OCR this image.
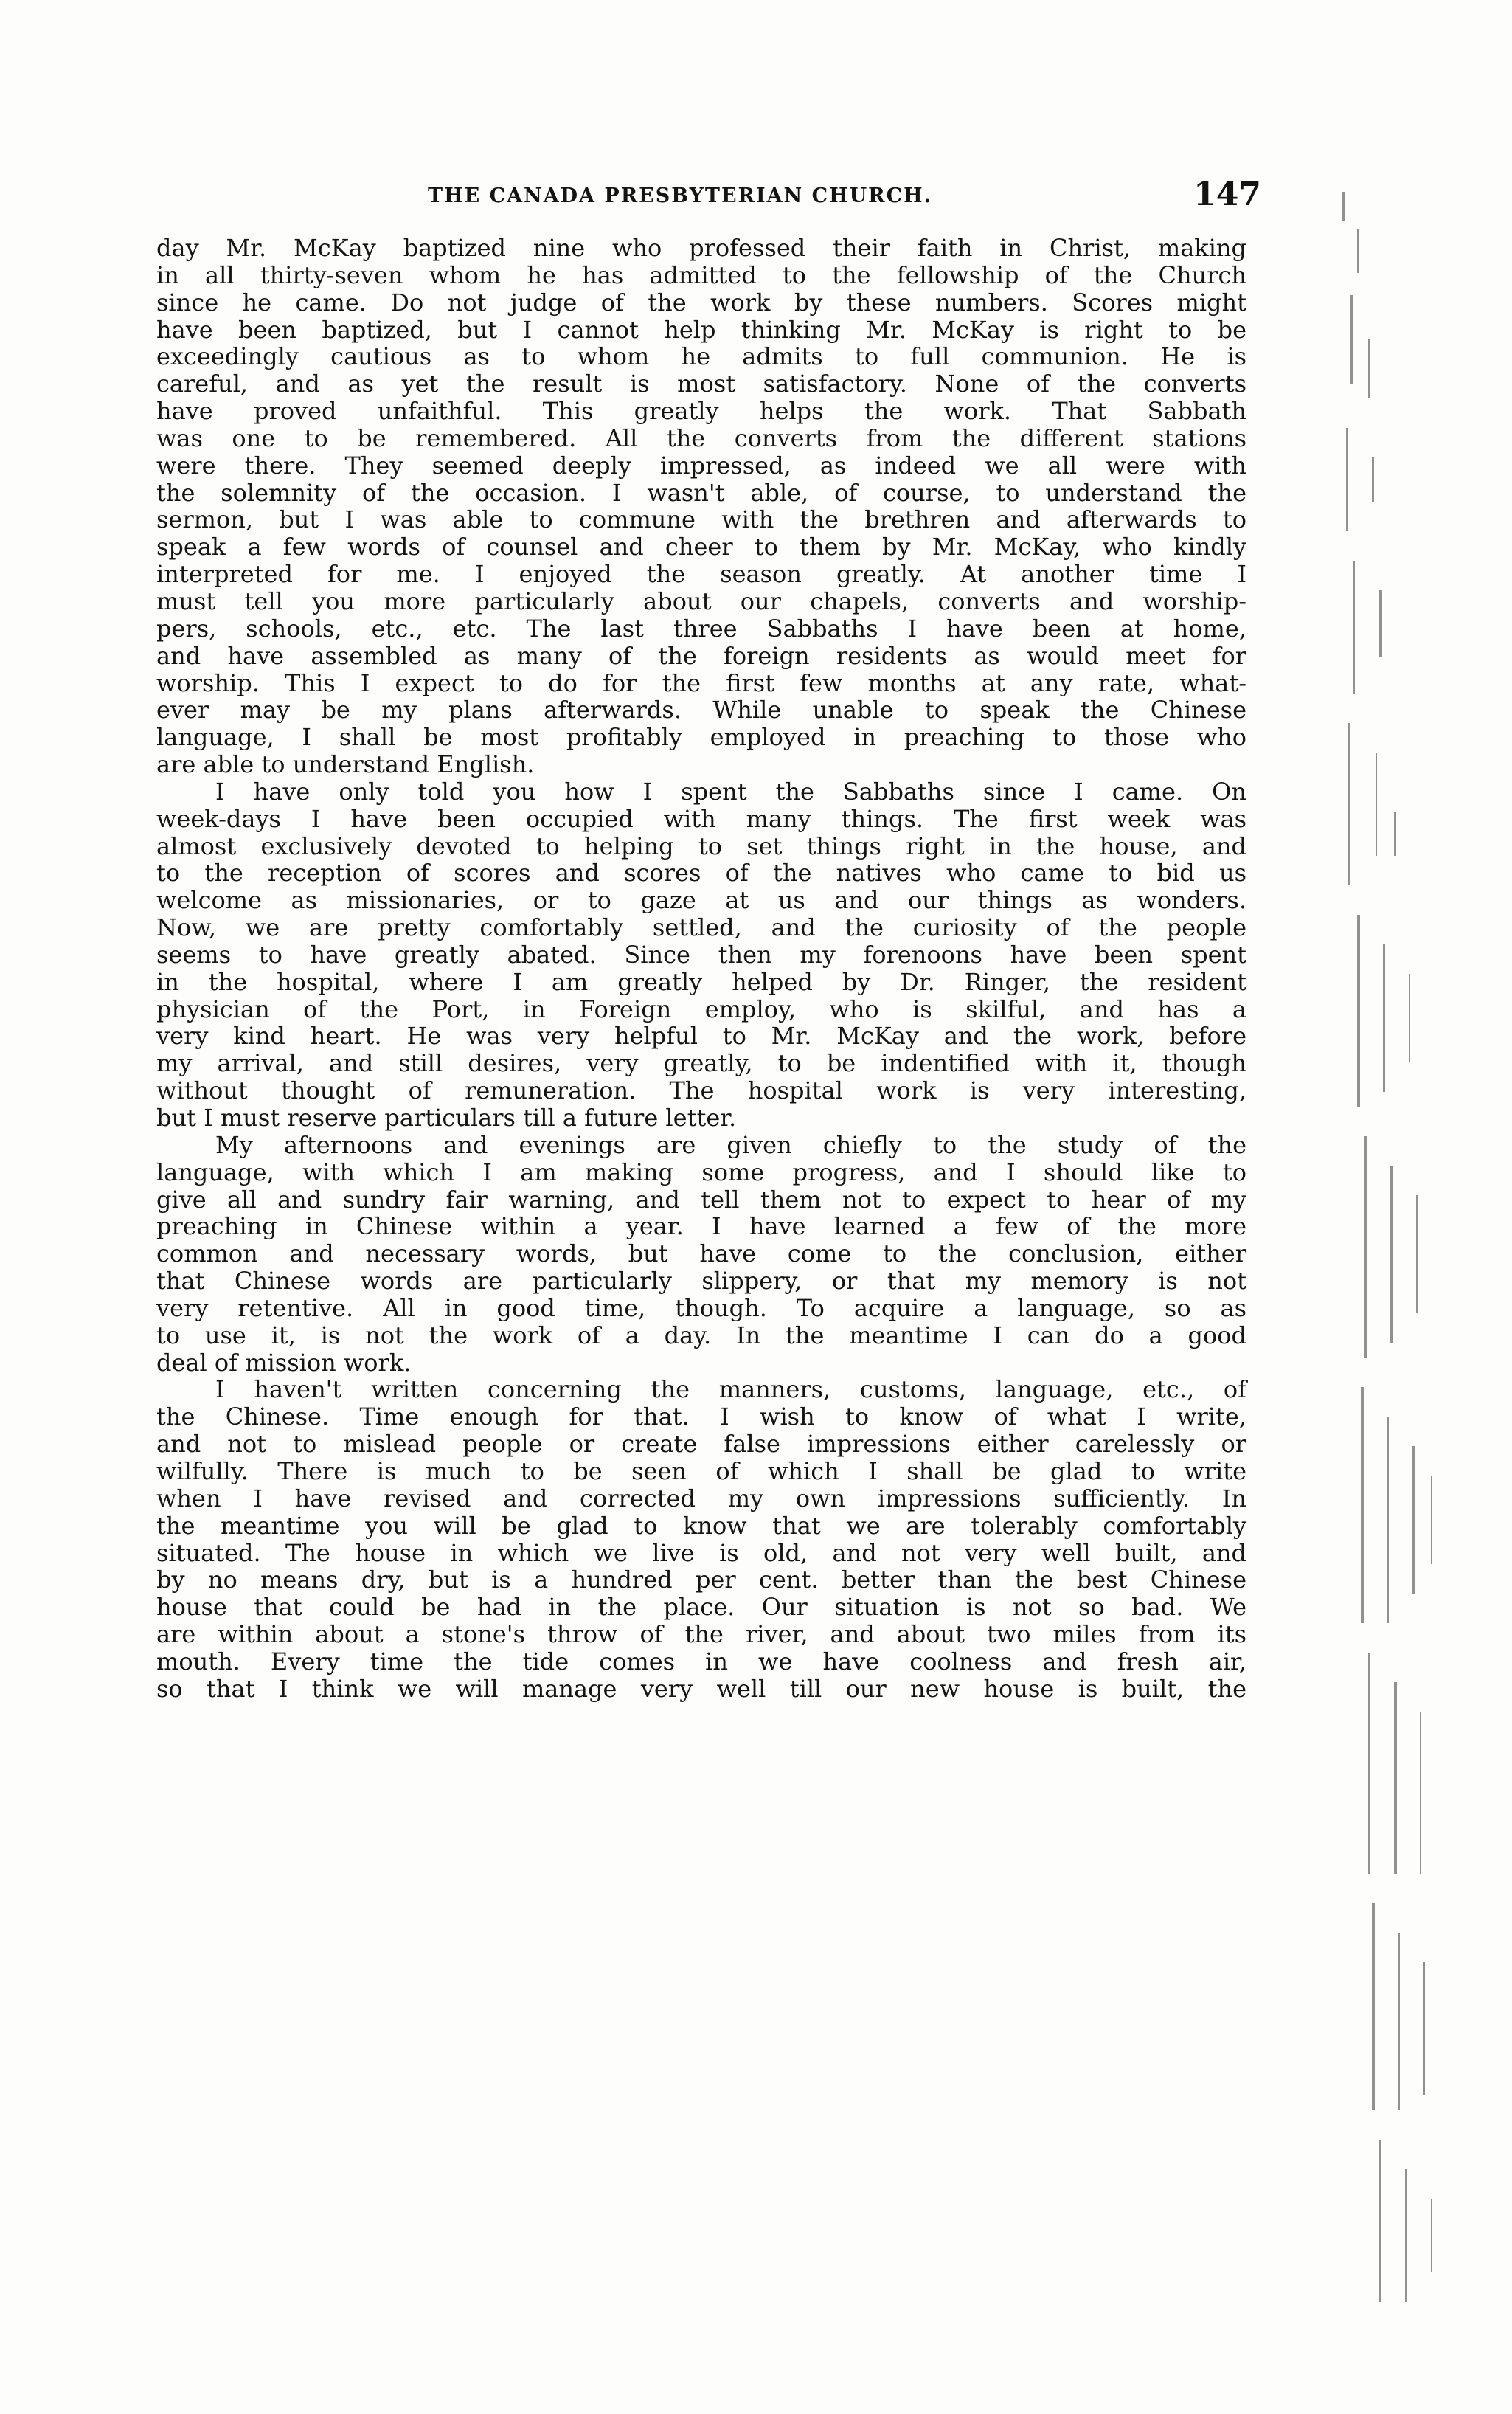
THE CANADA PRESBYTERIAN CHURCH.	147
day Mr. McKay baptized nine who professed their faith in Christ, making
in all thirty-seven whom he has admitted to the fellowship of the Church
since he came. Do not judge of the work by these numbers. Scores might
have been baptized, but I cannot help thinking Mr. McKay is right to be
exceedingly cautious as to whom he admits to full communion. He is
careful, and as yet the result is most satisfactory. None of the converts
have proved unfaithful. This greatly helps the work. That Sabbath
was one to be remembered. All the converts from the different stations
were there. They seemed deeply impressed, as indeed we all were with
the solemnity of the occasion. I wasn't able, of course, to understand the
sermon, but I was able to commune with the brethren and afterwards to
speak a few words of counsel and cheer to them by Mr. McKay, who kindly
interpreted for me. I enjoyed the season greatly. At another time I
must tell you more particularly about our chapels, converts and worship-
pers, schools, etc., etc. The last three Sabbaths I have been at home,
and have assembled as many of the foreign residents as would meet for
worship. This I expect to do for the first few months at any rate, what-
ever may be my plans afterwards. While unable to speak the Chinese
language, I shall be most profitably employed in preaching to those who
are able to understand English.
I have only told you how I spent the Sabbaths since I came. On
week-days I have been occupied with many things. The first week was
almost exclusively devoted to helping to set things right in the house, and
to the reception of scores and scores of the natives who came to bid us
welcome as missionaries, or to gaze at us and our things as wonders.
Now, we are pretty comfortably settled, and the curiosity of the people
seems to have greatly abated. Since then my forenoons have been spent
in the hospital, where I am greatly helped by Dr. Ringer, the resident
physician of the Port, in Foreign employ, who is skilful, and has a
very kind heart. He was very helpful to Mr. McKay and the work, before
my arrival, and still desires, very greatly, to be indentified with it, though
without thought of remuneration. The hospital work is very interesting,
but I must reserve particulars till a future letter.
My afternoons and evenings are given chiefly to the study of the
language, with which I am making some progress, and I should like to
give all and sundry fair warning, and tell them not to expect to hear of my
preaching in Chinese within a year. I have learned a few of the more
common and necessary words, but have come to the conclusion, either
that Chinese words are particularly slippery, or that my memory is not
very retentive. All in good time, though. To acquire a language, so as
to use it, is not the work of a day. In the meantime I can do a good
deal of mission work.
I haven't written concerning the manners, customs, language, etc., of
the Chinese. Time enough for that. I wish to know of what I write,
and not to mislead people or create false impressions either carelessly or
wilfully. There is much to be seen of which I shall be glad to write
when I have revised and corrected my own impressions sufficiently. In
the meantime you will be glad to know that we are tolerably comfortably
situated. The house in which we live is old, and not very well built, and
by no means dry, but is a hundred per cent. better than the best Chinese
house that could be had in the place. Our situation is not so bad. We
are within about a stone's throw of the river, and about two miles from its
mouth. Every time the tide comes in we have coolness and fresh air,
so that I think we will manage very well till our new house is built, the
